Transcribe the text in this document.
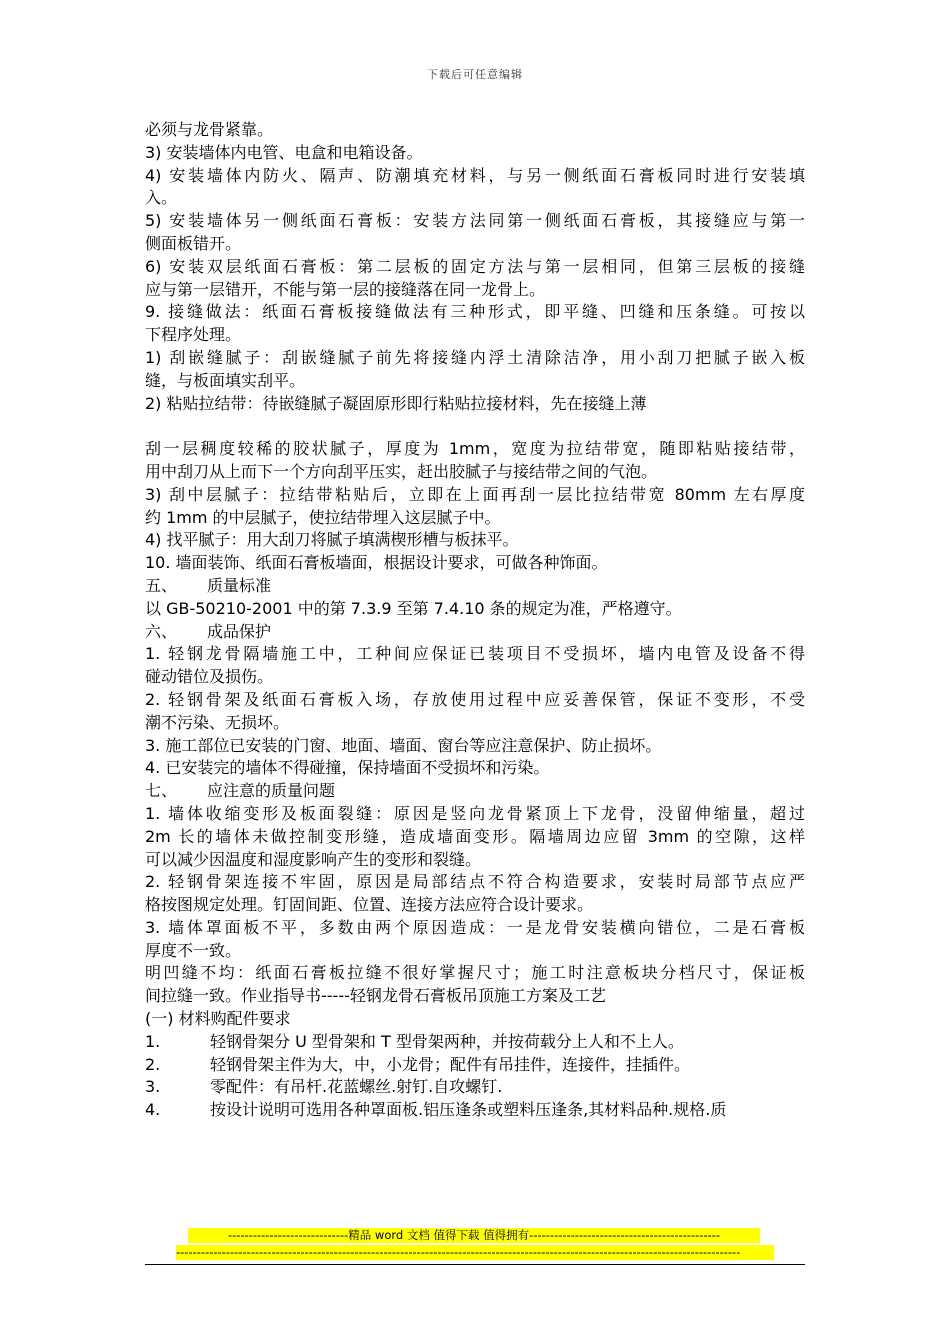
下载后可任意编辑
必须与龙骨紧靠。
3) 安装墙体内电管、电盒和电箱设备。
4) 安装墙体内防火、隔声、防潮填充材料，与另一侧纸面石膏板同时进行安装填
入。
5) 安装墙体另一侧纸面石膏板：安装方法同第一侧纸面石膏板，其接缝应与第一
侧面板错开。
6) 安装双层纸面石膏板：第二层板的固定方法与第一层相同，但第三层板的接缝
应与第一层错开，不能与第一层的接缝落在同一龙骨上。
9. 接缝做法：纸面石膏板接缝做法有三种形式，即平缝、凹缝和压条缝。可按以
下程序处理。
1) 刮嵌缝腻子：刮嵌缝腻子前先将接缝内浮土清除洁净，用小刮刀把腻子嵌入板
缝，与板面填实刮平。
2) 粘贴拉结带：待嵌缝腻子凝固原形即行粘贴拉接材料，先在接缝上薄
刮一层稠度较稀的胶状腻子，厚度为 1mm，宽度为拉结带宽，随即粘贴接结带，
用中刮刀从上而下一个方向刮平压实，赶出胶腻子与接结带之间的气泡。
3) 刮中层腻子：拉结带粘贴后，立即在上面再刮一层比拉结带宽 80mm 左右厚度
约 1mm 的中层腻子，使拉结带埋入这层腻子中。
4) 找平腻子：用大刮刀将腻子填满楔形槽与板抹平。
10. 墙面装饰、纸面石膏板墙面，根据设计要求，可做各种饰面。
五、 质量标准
以 GB-50210-2001 中的第 7.3.9 至第 7.4.10 条的规定为准，严格遵守。
六、 成品保护
1. 轻钢龙骨隔墙施工中，工种间应保证已装项目不受损坏，墙内电管及设备不得
碰动错位及损伤。
2. 轻钢骨架及纸面石膏板入场，存放使用过程中应妥善保管，保证不变形，不受
潮不污染、无损坏。
3. 施工部位已安装的门窗、地面、墙面、窗台等应注意保护、防止损坏。
4. 已安装完的墙体不得碰撞，保持墙面不受损坏和污染。
七、 应注意的质量问题
1. 墙体收缩变形及板面裂缝：原因是竖向龙骨紧顶上下龙骨，没留伸缩量，超过
2m 长的墙体未做控制变形缝，造成墙面变形。隔墙周边应留 3mm 的空隙，这样
可以减少因温度和湿度影响产生的变形和裂缝。
2. 轻钢骨架连接不牢固，原因是局部结点不符合构造要求，安装时局部节点应严
格按图规定处理。钉固间距、位置、连接方法应符合设计要求。
3. 墙体罩面板不平，多数由两个原因造成：一是龙骨安装横向错位，二是石膏板
厚度不一致。
明凹缝不均：纸面石膏板拉缝不很好掌握尺寸；施工时注意板块分档尺寸，保证板
间拉缝一致。作业指导书-----轻钢龙骨石膏板吊顶施工方案及工艺
(一) 材料购配件要求
1.	轻钢骨架分 U 型骨架和 T 型骨架两种，并按荷载分上人和不上人。
2.	轻钢骨架主件为大，中，小龙骨；配件有吊挂件，连接件，挂插件。
3.	零配件：有吊杆.花蓝螺丝.射钉.自攻螺钉.
4.	按设计说明可选用各种罩面板.铝压逢条或塑料压逢条,其材料品种.规格.质
-----------------------------精品 word 文档 值得下载 值得拥有----------------------------------------------
----------------------------------------------------------------------------------------------------------------------------------------
